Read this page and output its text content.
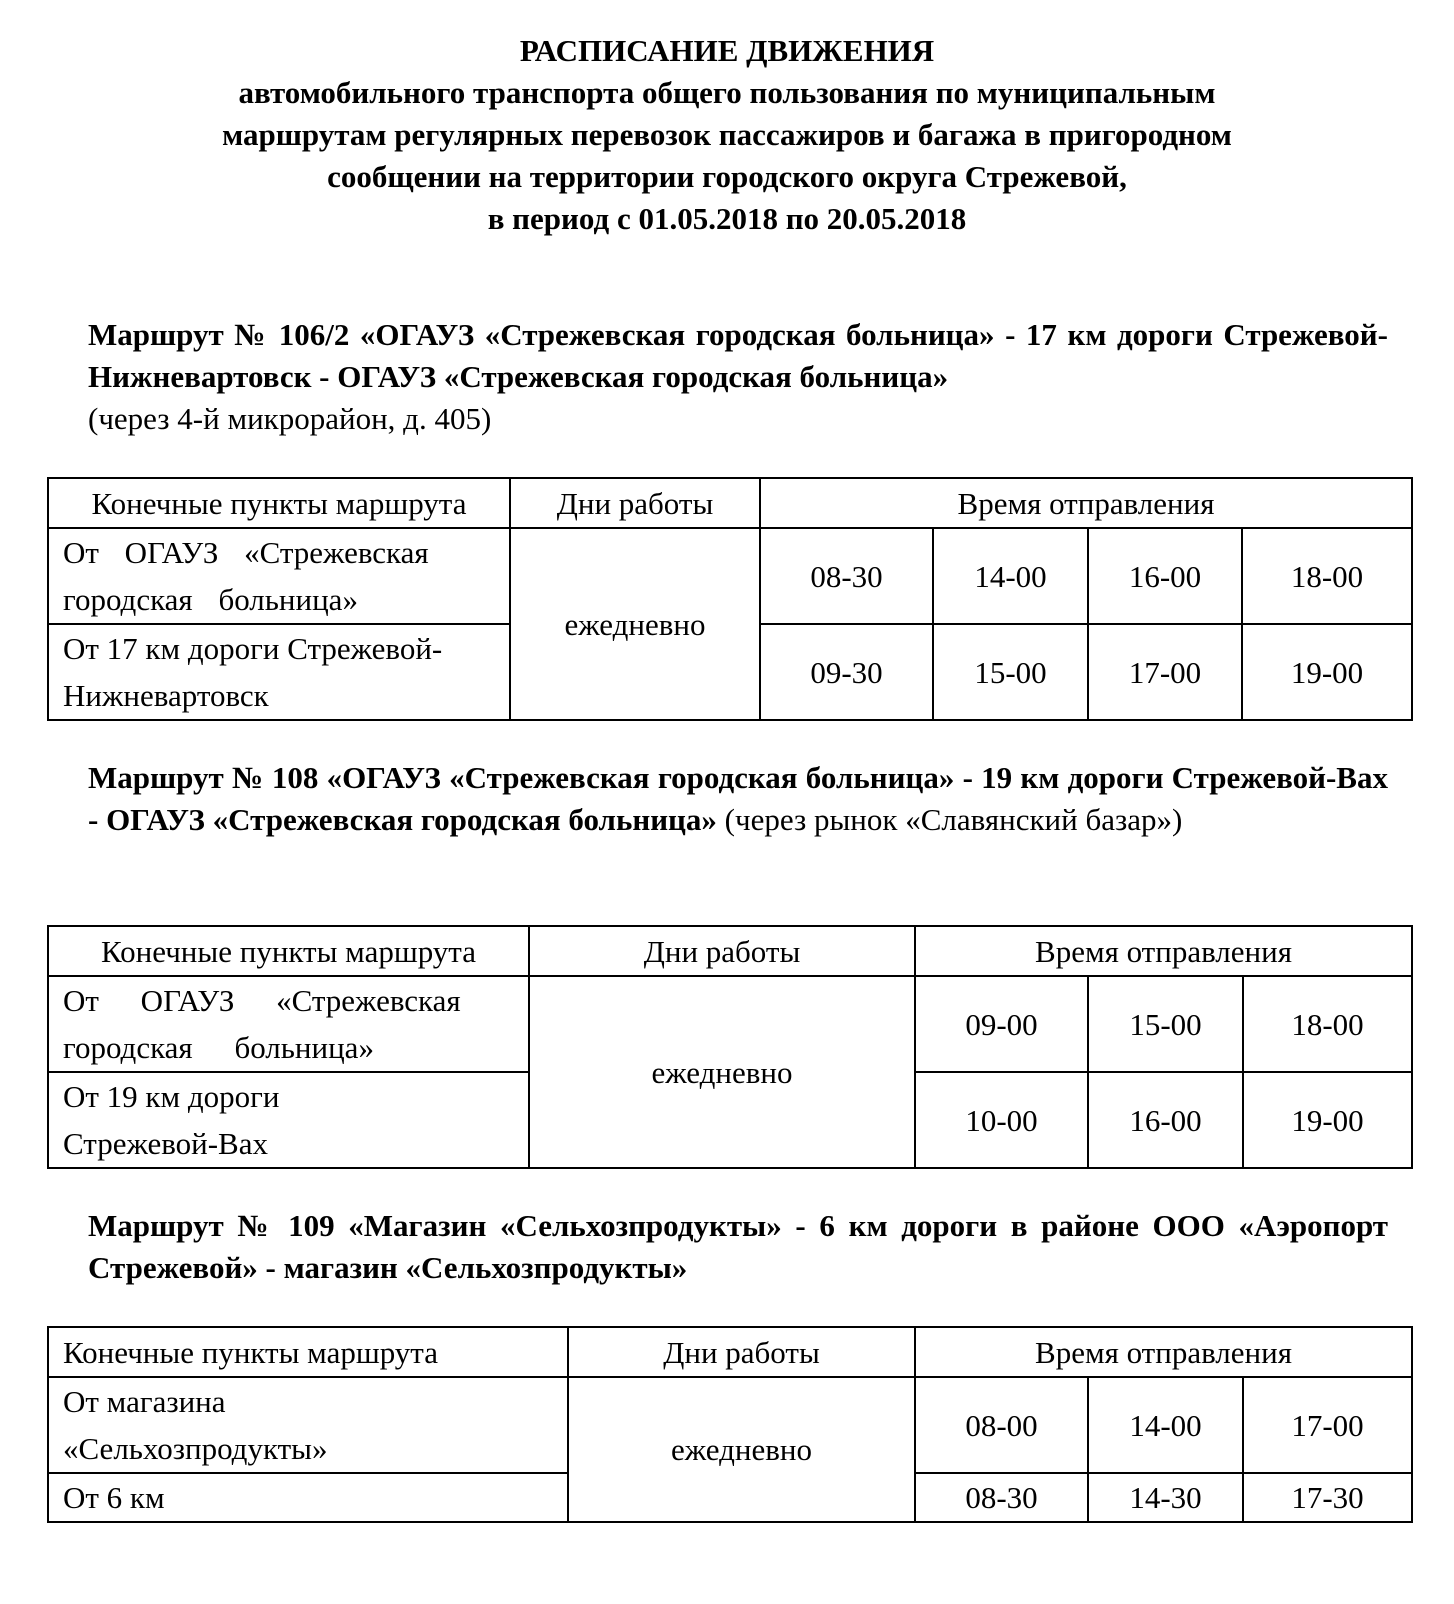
РАСПИСАНИЕ ДВИЖЕНИЯ
автомобильного транспорта общего пользования по муниципальным
маршрутам регулярных перевозок пассажиров и багажа в пригородном
сообщении на территории городского округа Стрежевой,
в период с 01.05.2018 по 20.05.2018
Маршрут № 106/2 «ОГАУЗ «Стрежевская городская больница» - 17 км дороги Стрежевой-Нижневартовск - ОГАУЗ «Стрежевская городская больница»
(через 4-й микрорайон, д. 405)
Конечные пункты маршрута	Дни работы	Время отправления			
От ОГАУЗ «Стрежевская городская больница»	ежедневно	08-30	14-00	16-00	18-00
От 17 км дороги Стрежевой-Нижневартовск		09-30	15-00	17-00	19-00
Маршрут № 108 «ОГАУЗ «Стрежевская городская больница» - 19 км дороги Стрежевой-Вах - ОГАУЗ «Стрежевская городская больница» (через рынок «Славянский базар»)
Конечные пункты маршрута	Дни работы	Время отправления		
От ОГАУЗ «Стрежевская городская больница»	ежедневно	09-00	15-00	18-00
От 19 км дороги Стрежевой-Вах		10-00	16-00	19-00
Маршрут № 109 «Магазин «Сельхозпродукты» - 6 км дороги в районе ООО «Аэропорт Стрежевой» - магазин «Сельхозпродукты»
Конечные пункты маршрута	Дни работы	Время отправления		
От магазина «Сельхозпродукты»	ежедневно	08-00	14-00	17-00
От 6 км		08-30	14-30	17-30
